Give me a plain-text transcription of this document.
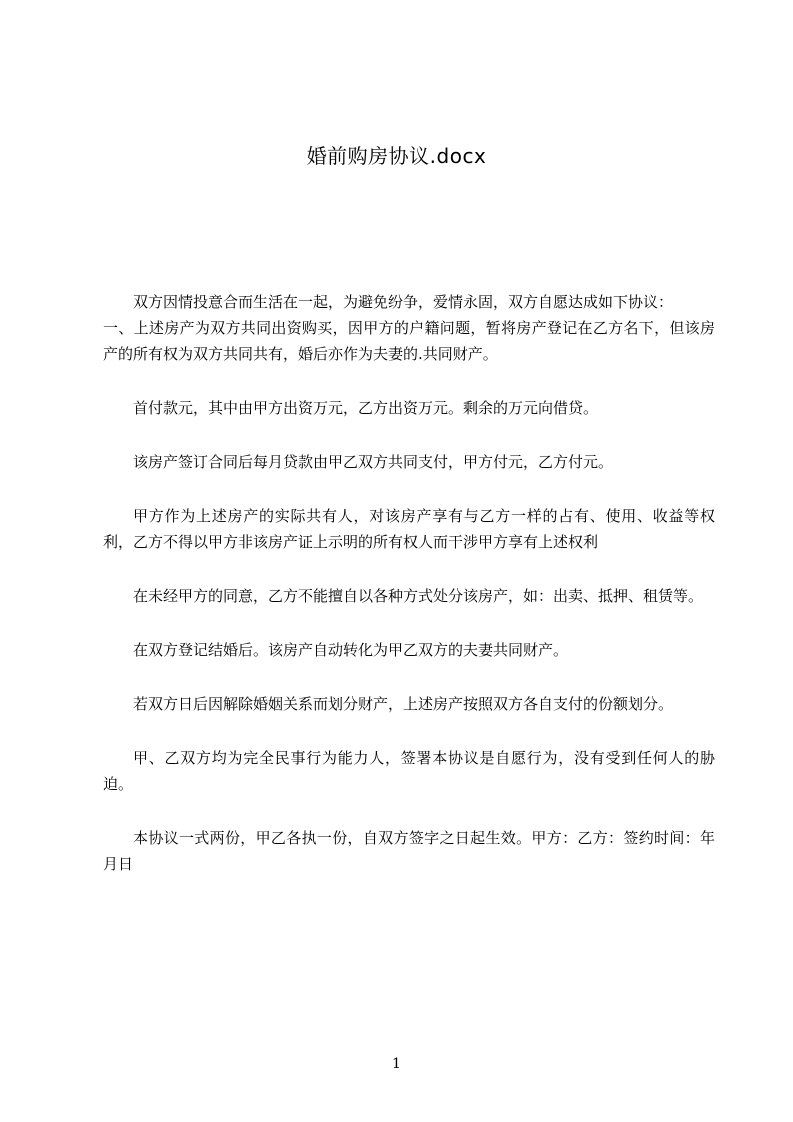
婚前购房协议.docx

双方因情投意合而生活在一起，为避免纷争，爱情永固，双方自愿达成如下协议：

一、上述房产为双方共同出资购买，因甲方的户籍问题，暂将房产登记在乙方名下，但该房产的所有权为双方共同共有，婚后亦作为夫妻的.共同财产。

首付款元，其中由甲方出资万元，乙方出资万元。剩余的万元向借贷。

该房产签订合同后每月贷款由甲乙双方共同支付，甲方付元，乙方付元。

甲方作为上述房产的实际共有人，对该房产享有与乙方一样的占有、使用、收益等权利，乙方不得以甲方非该房产证上示明的所有权人而干涉甲方享有上述权利

在未经甲方的同意，乙方不能擅自以各种方式处分该房产，如：出卖、抵押、租赁等。

在双方登记结婚后。该房产自动转化为甲乙双方的夫妻共同财产。

若双方日后因解除婚姻关系而划分财产，上述房产按照双方各自支付的份额划分。

甲、乙双方均为完全民事行为能力人，签署本协议是自愿行为，没有受到任何人的胁迫。

本协议一式两份，甲乙各执一份，自双方签字之日起生效。甲方：乙方：签约时间：年月日

1
